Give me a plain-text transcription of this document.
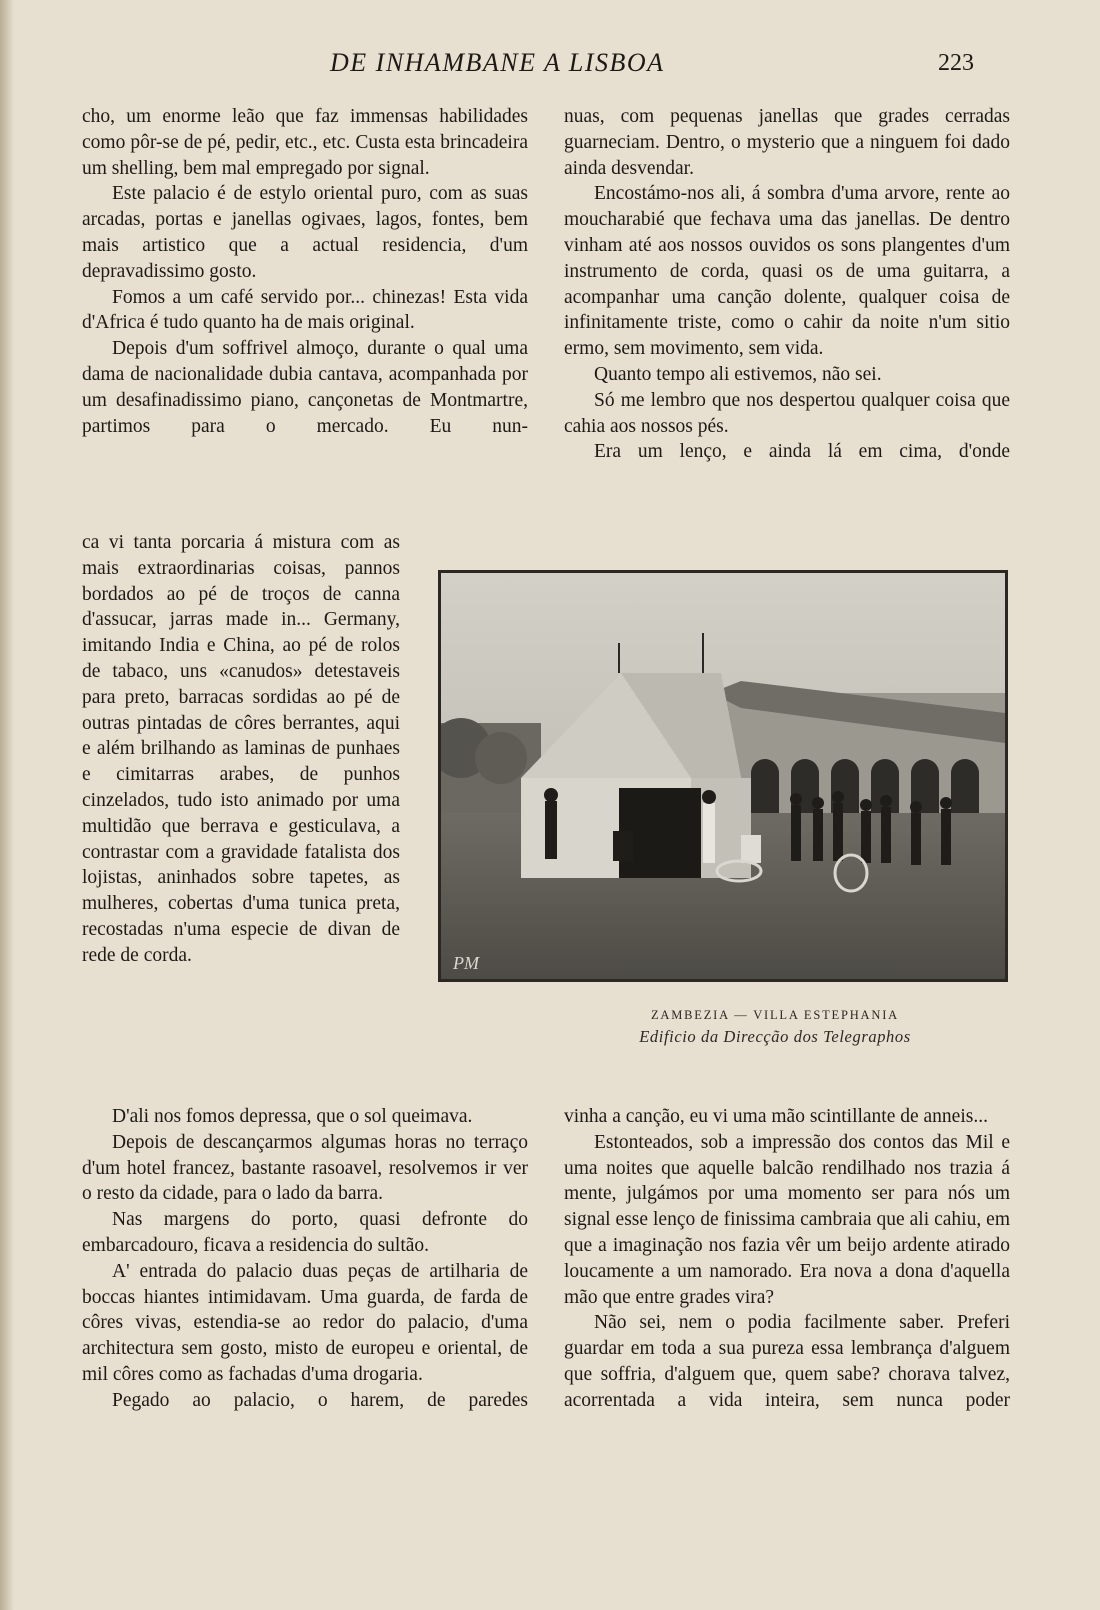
DE INHAMBANE A LISBOA	223

cho, um enorme leão que faz immensas habilidades como pôr-se de pé, pedir, etc., etc. Custa esta brincadeira um shelling, bem mal empregado por signal.

Este palacio é de estylo oriental puro, com as suas arcadas, portas e janellas ogivaes, lagos, fontes, bem mais artistico que a actual residencia, d'um depravadissimo gosto.

Fomos a um café servido por... chinezas! Esta vida d'Africa é tudo quanto ha de mais original.

Depois d'um soffrivel almoço, durante o qual uma dama de nacionalidade dubia cantava, acompanhada por um desafinadissimo piano, cançonetas de Montmartre, partimos para o mercado. Eu nun-

ca vi tanta porcaria á mistura com as mais extraordinarias coisas, pannos bordados ao pé de troços de canna d'assucar, jarras made in... Germany, imitando India e China, ao pé de rolos de tabaco, uns «canudos» detestaveis para preto, barracas sordidas ao pé de outras pintadas de côres berrantes, aqui e além brilhando as laminas de punhaes e cimitarras arabes, de punhos cinzelados, tudo isto animado por uma multidão que berrava e gesticulava, a contrastar com a gravidade fatalista dos lojistas, aninhados sobre tapetes, as mulheres, cobertas d'uma tunica preta, recostadas n'uma especie de divan de rede de corda.

D'ali nos fomos depressa, que o sol queimava.

Depois de descançarmos algumas horas no terraço d'um hotel francez, bastante rasoavel, resolvemos ir ver o resto da cidade, para o lado da barra.

Nas margens do porto, quasi defronte do embarcadouro, ficava a residencia do sultão.

A' entrada do palacio duas peças de artilharia de boccas hiantes intimidavam. Uma guarda, de farda de côres vivas, estendia-se ao redor do palacio, d'uma architectura sem gosto, misto de europeu e oriental, de mil côres como as fachadas d'uma drogaria.

Pegado ao palacio, o harem, de paredes

nuas, com pequenas janellas que grades cerradas guarneciam. Dentro, o mysterio que a ninguem foi dado ainda desvendar.

Encostámo-nos ali, á sombra d'uma arvore, rente ao moucharabié que fechava uma das janellas. De dentro vinham até aos nossos ouvidos os sons plangentes d'um instrumento de corda, quasi os de uma guitarra, a acompanhar uma canção dolente, qualquer coisa de infinitamente triste, como o cahir da noite n'um sitio ermo, sem movimento, sem vida.

Quanto tempo ali estivemos, não sei.

Só me lembro que nos despertou qualquer coisa que cahia aos nossos pés.

Era um lenço, e ainda lá em cima, d'onde

PM
ZAMBEZIA — VILLA ESTEPHANIA
Edificio da Direcção dos Telegraphos

vinha a canção, eu vi uma mão scintillante de anneis...

Estonteados, sob a impressão dos contos das Mil e uma noites que aquelle balcão rendilhado nos trazia á mente, julgámos por uma momento ser para nós um signal esse lenço de finissima cambraia que ali cahiu, em que a imaginação nos fazia vêr um beijo ardente atirado loucamente a um namorado. Era nova a dona d'aquella mão que entre grades vira?

Não sei, nem o podia facilmente saber. Preferi guardar em toda a sua pureza essa lembrança d'alguem que soffria, d'alguem que, quem sabe? chorava talvez, acorrentada a vida inteira, sem nunca poder
